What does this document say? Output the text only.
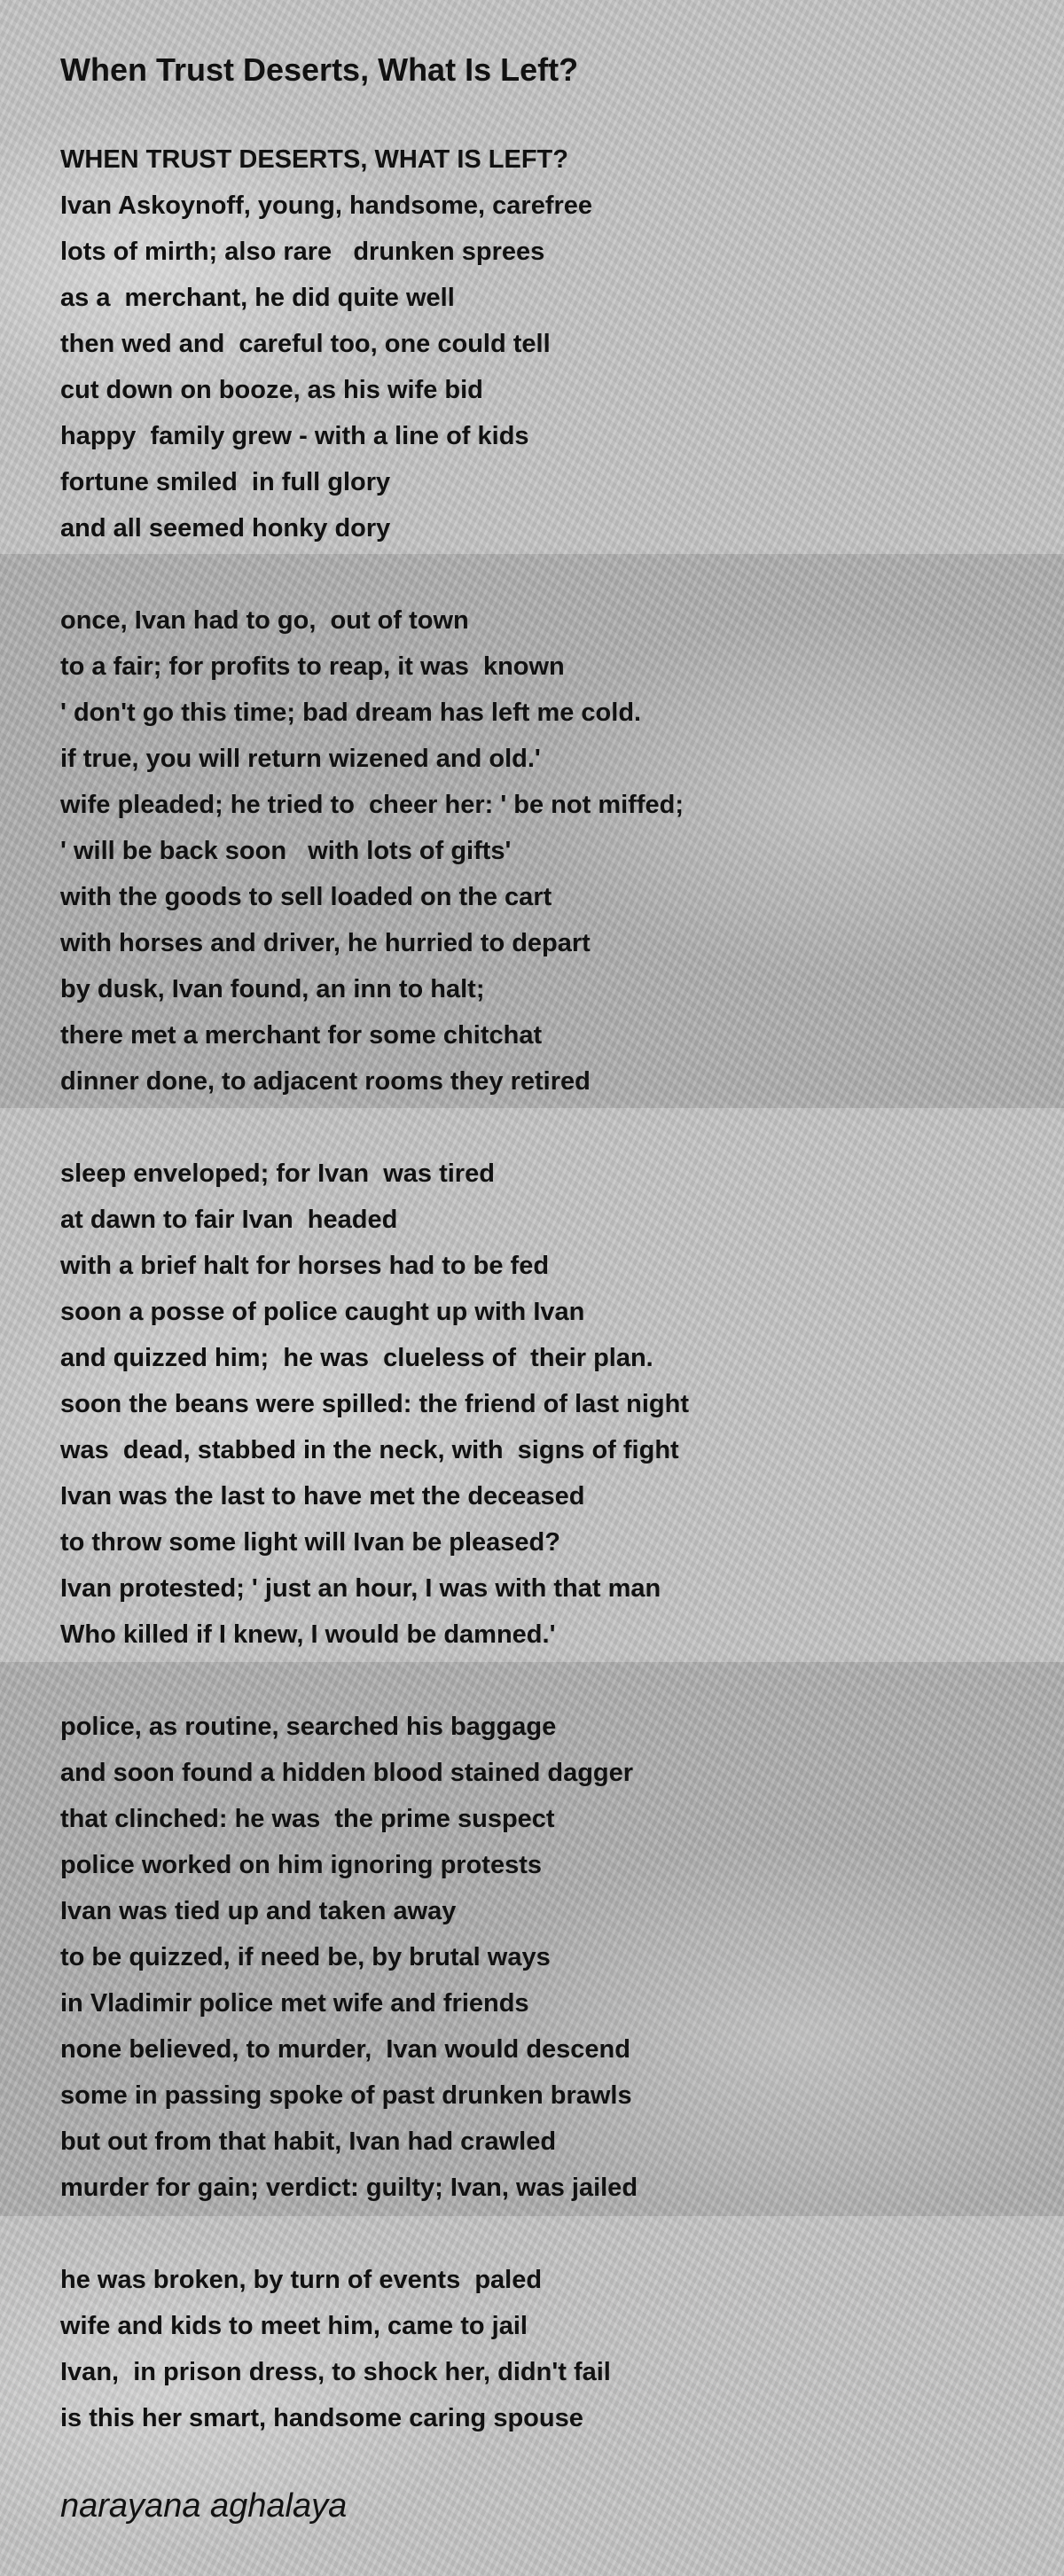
When Trust Deserts, What Is Left?
WHEN TRUST DESERTS, WHAT IS LEFT?
Ivan Askoynoff, young, handsome, carefree
lots of mirth; also rare   drunken sprees
as a  merchant, he did quite well
then wed and  careful too, one could tell
cut down on booze, as his wife bid
happy  family grew - with a line of kids
fortune smiled  in full glory
and all seemed honky dory
once, Ivan had to go,  out of town
to a fair; for profits to reap, it was  known
' don't go this time; bad dream has left me cold.
if true, you will return wizened and old.'
wife pleaded; he tried to  cheer her: ' be not miffed;
' will be back soon   with lots of gifts'
with the goods to sell loaded on the cart
with horses and driver, he hurried to depart
by dusk, Ivan found, an inn to halt;
there met a merchant for some chitchat
dinner done, to adjacent rooms they retired
sleep enveloped; for Ivan  was tired
at dawn to fair Ivan  headed
with a brief halt for horses had to be fed
soon a posse of police caught up with Ivan
and quizzed him;  he was  clueless of  their plan.
soon the beans were spilled: the friend of last night
was  dead, stabbed in the neck, with  signs of fight
Ivan was the last to have met the deceased
to throw some light will Ivan be pleased?
Ivan protested; ' just an hour, I was with that man
Who killed if I knew, I would be damned.'
police, as routine, searched his baggage
and soon found a hidden blood stained dagger
that clinched: he was  the prime suspect
police worked on him ignoring protests
Ivan was tied up and taken away
to be quizzed, if need be, by brutal ways
in Vladimir police met wife and friends
none believed, to murder,  Ivan would descend
some in passing spoke of past drunken brawls
but out from that habit, Ivan had crawled
murder for gain; verdict: guilty; Ivan, was jailed
he was broken, by turn of events  paled
wife and kids to meet him, came to jail
Ivan,  in prison dress, to shock her, didn't fail
is this her smart, handsome caring spouse
narayana aghalaya
